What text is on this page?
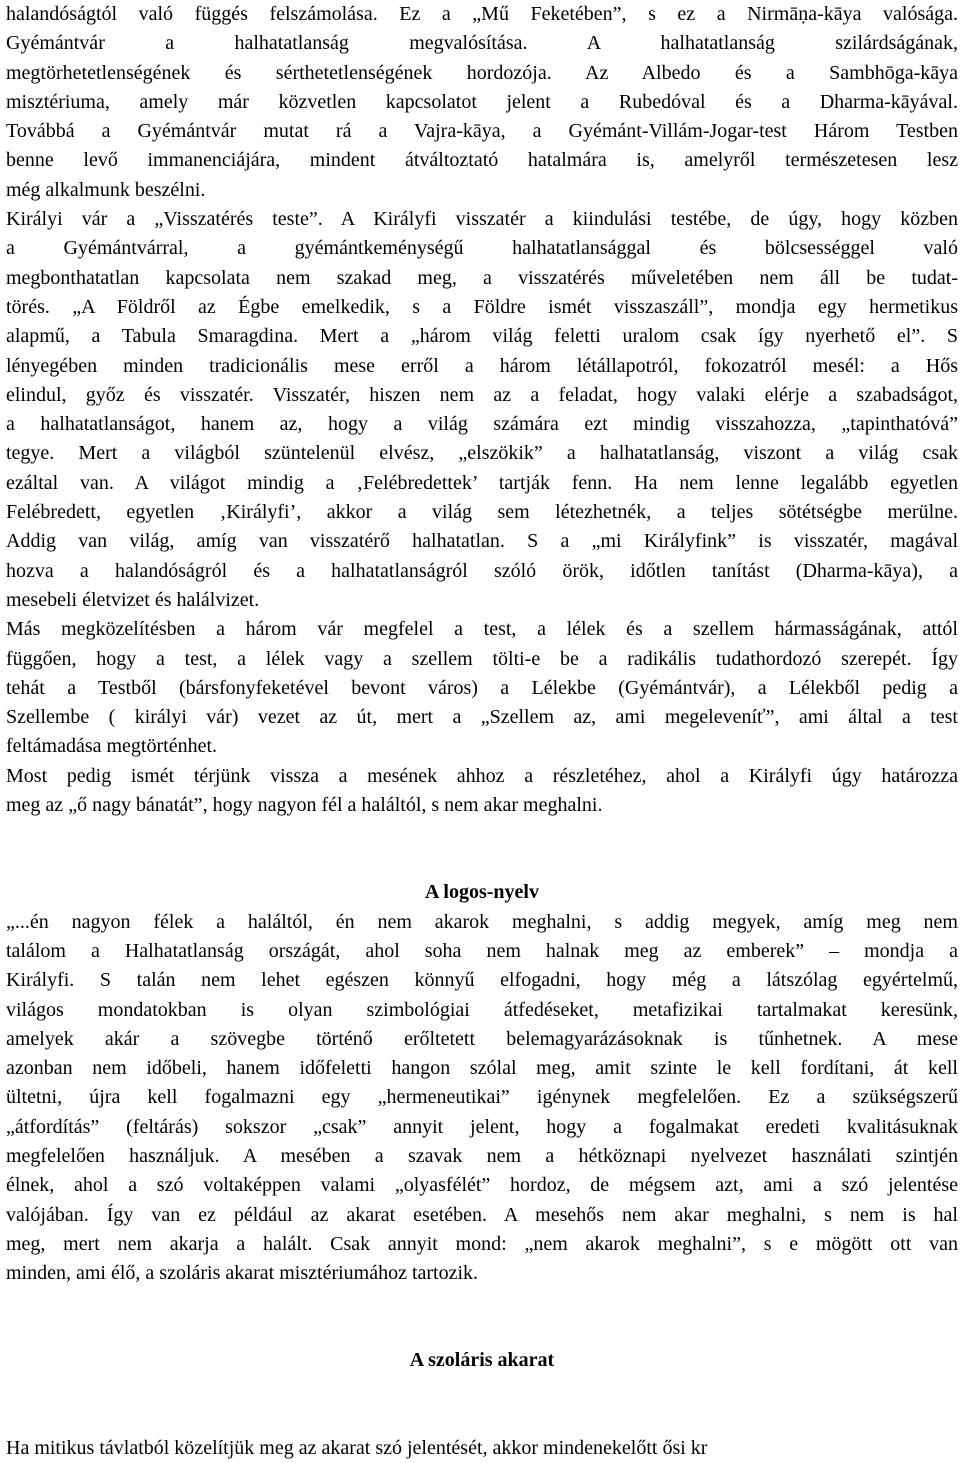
halandóságtól való függés felszámolása. Ez a „Mű Feketében”, s ez a Nirmāṇa-kāya valósága.
Gyémántvár a halhatatlanság megvalósítása. A halhatatlanság szilárdságának,
megtörhetetlenségének és sérthetetlenségének hordozója. Az Albedo és a Sambhōga-kāya
misztériuma, amely már közvetlen kapcsolatot jelent a Rubedóval és a Dharma-kāyával.
Továbbá a Gyémántvár mutat rá a Vajra-kāya, a Gyémánt-Villám-Jogar-test Három Testben
benne levő immanenciájára, mindent átváltoztató hatalmára is, amelyről természetesen lesz
még alkalmunk beszélni.
Királyi vár a „Visszatérés teste”. A Királyfi visszatér a kiindulási testébe, de úgy, hogy közben
a Gyémántvárral, a gyémántkeménységű halhatatlansággal és bölcsességgel való
megbonthatatlan kapcsolata nem szakad meg, a visszatérés műveletében nem áll be tudat-
törés. „A Földről az Égbe emelkedik, s a Földre ismét visszaszáll”, mondja egy hermetikus
alapmű, a Tabula Smaragdina. Mert a „három világ feletti uralom csak így nyerhető el”. S
lényegében minden tradicionális mese erről a három létállapotról, fokozatról mesél: a Hős
elindul, győz és visszatér. Visszatér, hiszen nem az a feladat, hogy valaki elérje a szabadságot,
a halhatatlanságot, hanem az, hogy a világ számára ezt mindig visszahozza, „tapinthatóvá”
tegye. Mert a világból szüntelenül elvész, „elszökik” a halhatatlanság, viszont a világ csak
ezáltal van. A világot mindig a ‚Felébredettek’ tartják fenn. Ha nem lenne legalább egyetlen
Felébredett, egyetlen ‚Királyfi’, akkor a világ sem létezhetnék, a teljes sötétségbe merülne.
Addig van világ, amíg van visszatérő halhatatlan. S a „mi Királyfink” is visszatér, magával
hozva a halandóságról és a halhatatlanságról szóló örök, időtlen tanítást (Dharma-kāya), a
mesebeli életvizet és halálvizet.
Más megközelítésben a három vár megfelel a test, a lélek és a szellem hármasságának, attól
függően, hogy a test, a lélek vagy a szellem tölti-e be a radikális tudathordozó szerepét. Így
tehát a Testből (bársfonyfeketével bevont város) a Lélekbe (Gyémántvár), a Lélekből pedig a
Szellembe ( királyi vár) vezet az út, mert a „Szellem az, ami megeleveníť”, ami által a test
feltámadása megtörténhet.
Most pedig ismét térjünk vissza a mesének ahhoz a részletéhez, ahol a Királyfi úgy határozza
meg az „ő nagy bánatát”, hogy nagyon fél a haláltól, s nem akar meghalni.
A logos-nyelv
„...én nagyon félek a haláltól, én nem akarok meghalni, s addig megyek, amíg meg nem
találom a Halhatatlanság országát, ahol soha nem halnak meg az emberek” – mondja a
Királyfi. S talán nem lehet egészen könnyű elfogadni, hogy még a látszólag egyértelmű,
világos mondatokban is olyan szimbológiai átfedéseket, metafizikai tartalmakat keresünk,
amelyek akár a szövegbe történő erőltetett belemagyarázásoknak is tűnhetnek. A mese
azonban nem időbeli, hanem időfeletti hangon szólal meg, amit szinte le kell fordítani, át kell
ültetni, újra kell fogalmazni egy „hermeneutikai” igénynek megfelelően. Ez a szükségszerű
„átfordítás” (feltárás) sokszor „csak” annyit jelent, hogy a fogalmakat eredeti kvalitásuknak
megfelelően használjuk. A mesében a szavak nem a hétköznapi nyelvezet használati szintjén
élnek, ahol a szó voltaképpen valami „olyasfélét” hordoz, de mégsem azt, ami a szó jelentése
valójában. Így van ez például az akarat esetében. A mesehős nem akar meghalni, s nem is hal
meg, mert nem akarja a halált. Csak annyit mond: „nem akarok meghalni”, s e mögött ott van
minden, ami élő, a szoláris akarat misztériumához tartozik.
A szoláris akarat
Ha mitikus távlatból közelítjük meg az akarat szó jelentését, akkor mindenekelőtt ősi kr
